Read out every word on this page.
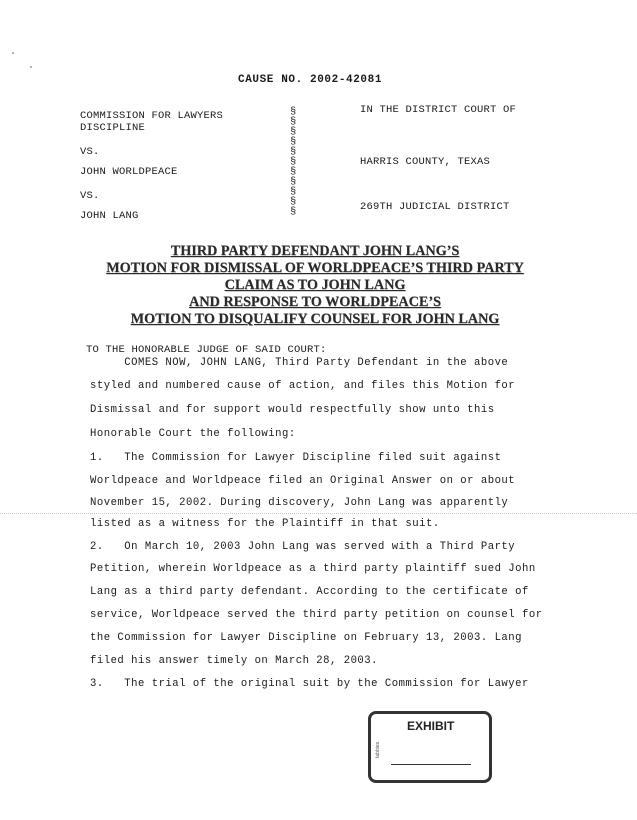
CAUSE NO. 2002-42081
COMMISSION FOR LAWYERS
DISCIPLINE
VS.
JOHN WORLDPEACE
VS.
JOHN LANG
§
§
§
§
§
§
§
§
§
§
§
IN THE DISTRICT COURT OF
HARRIS COUNTY, TEXAS
269TH JUDICIAL DISTRICT
THIRD PARTY DEFENDANT JOHN LANG’S
MOTION FOR DISMISSAL OF WORLDPEACE’S THIRD PARTY
CLAIM AS TO JOHN LANG
AND RESPONSE TO WORLDPEACE’S
MOTION TO DISQUALIFY COUNSEL FOR JOHN LANG
TO THE HONORABLE JUDGE OF SAID COURT:
COMES NOW, JOHN LANG, Third Party Defendant in the above
styled and numbered cause of action, and files this Motion for
Dismissal and for support would respectfully show unto this
Honorable Court the following:
1.   The Commission for Lawyer Discipline filed suit against
Worldpeace and Worldpeace filed an Original Answer on or about
November 15, 2002. During discovery, John Lang was apparently
listed as a witness for the Plaintiff in that suit.
2.   On March 10, 2003 John Lang was served with a Third Party
Petition, wherein Worldpeace as a third party plaintiff sued John
Lang as a third party defendant. According to the certificate of
service, Worldpeace served the third party petition on counsel for
the Commission for Lawyer Discipline on February 13, 2003. Lang
filed his answer timely on March 28, 2003.
3.   The trial of the original suit by the Commission for Lawyer
EXHIBIT
tabbies
